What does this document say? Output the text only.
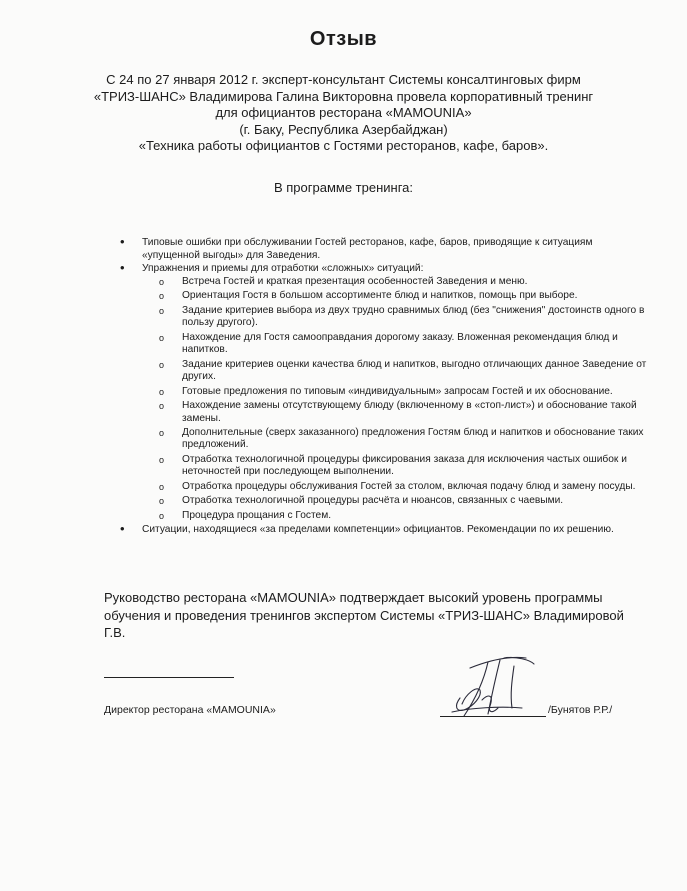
Отзыв
С 24 по 27 января 2012 г. эксперт-консультант Системы консалтинговых фирм
«ТРИЗ-ШАНС» Владимирова Галина Викторовна провела корпоративный тренинг
для официантов ресторана «MAMOUNIA»
(г. Баку, Республика Азербайджан)
«Техника работы официантов с Гостями ресторанов, кафе, баров».
В программе тренинга:
• Типовые ошибки при обслуживании Гостей ресторанов, кафе, баров, приводящие к ситуациям «упущенной выгоды» для Заведения.
• Упражнения и приемы для отработки «сложных» ситуаций:
o Встреча Гостей и краткая презентация особенностей Заведения и меню.
o Ориентация Гостя в большом ассортименте блюд и напитков, помощь при выборе.
o Задание критериев выбора из двух трудно сравнимых блюд (без "снижения" достоинств одного в пользу другого).
o Нахождение для Гостя самооправдания дорогому заказу. Вложенная рекомендация блюд и напитков.
o Задание критериев оценки качества блюд и напитков, выгодно отличающих данное Заведение от других.
o Готовые предложения по типовым «индивидуальным» запросам Гостей и их обоснование.
o Нахождение замены отсутствующему блюду (включенному в «стоп-лист») и обоснование такой замены.
o Дополнительные (сверх заказанного) предложения Гостям блюд и напитков и обоснование таких предложений.
o Отработка технологичной процедуры фиксирования заказа для исключения частых ошибок и неточностей при последующем выполнении.
o Отработка процедуры обслуживания Гостей за столом, включая подачу блюд и замену посуды.
o Отработка технологичной процедуры расчёта и нюансов, связанных с чаевыми.
o Процедура прощания с Гостем.
• Ситуации, находящиеся «за пределами компетенции» официантов. Рекомендации по их решению.
Руководство ресторана «MAMOUNIA» подтверждает высокий уровень программы обучения и проведения тренингов экспертом Системы «ТРИЗ-ШАНС» Владимировой Г.В.
Директор ресторана «MAMOUNIA»	/Бунятов Р.Р./
